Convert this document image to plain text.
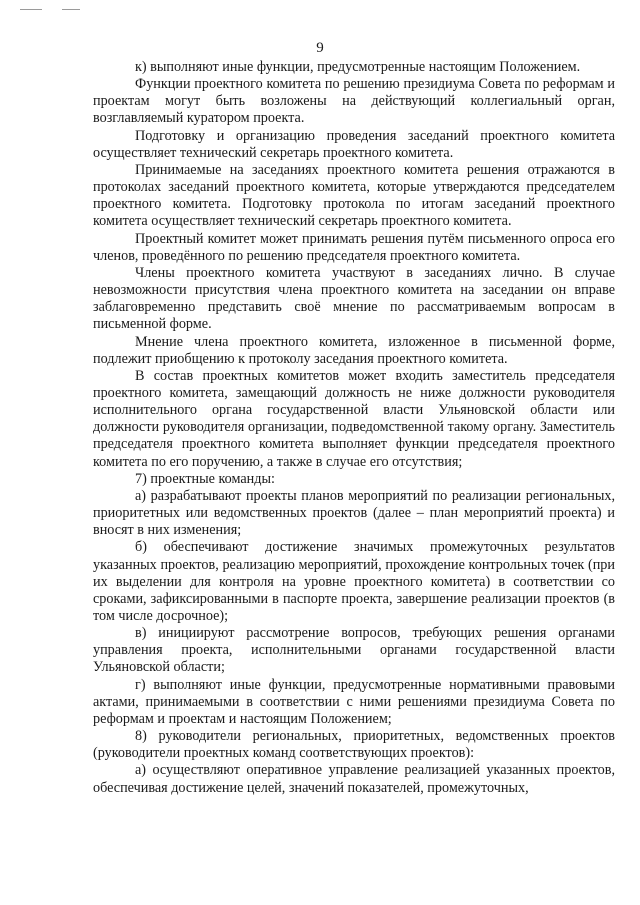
9

к) выполняют иные функции, предусмотренные настоящим Положением.

Функции проектного комитета по решению президиума Совета по реформам и проектам могут быть возложены на действующий коллегиальный орган, возглавляемый куратором проекта.

Подготовку и организацию проведения заседаний проектного комитета осуществляет технический секретарь проектного комитета.

Принимаемые на заседаниях проектного комитета решения отражаются в протоколах заседаний проектного комитета, которые утверждаются председателем проектного комитета. Подготовку протокола по итогам заседаний проектного комитета осуществляет технический секретарь проектного комитета.

Проектный комитет может принимать решения путём письменного опроса его членов, проведённого по решению председателя проектного комитета.

Члены проектного комитета участвуют в заседаниях лично. В случае невозможности присутствия члена проектного комитета на заседании он вправе заблаговременно представить своё мнение по рассматриваемым вопросам в письменной форме.

Мнение члена проектного комитета, изложенное в письменной форме, подлежит приобщению к протоколу заседания проектного комитета.

В состав проектных комитетов может входить заместитель председателя проектного комитета, замещающий должность не ниже должности руководителя исполнительного органа государственной власти Ульяновской области или должности руководителя организации, подведомственной такому органу. Заместитель председателя проектного комитета выполняет функции председателя проектного комитета по его поручению, а также в случае его отсутствия;

7) проектные команды:

а) разрабатывают проекты планов мероприятий по реализации региональных, приоритетных или ведомственных проектов (далее – план мероприятий проекта) и вносят в них изменения;

б) обеспечивают достижение значимых промежуточных результатов указанных проектов, реализацию мероприятий, прохождение контрольных точек (при их выделении для контроля на уровне проектного комитета) в соответствии со сроками, зафиксированными в паспорте проекта, завершение реализации проектов (в том числе досрочное);

в) инициируют рассмотрение вопросов, требующих решения органами управления проекта, исполнительными органами государственной власти Ульяновской области;

г) выполняют иные функции, предусмотренные нормативными правовыми актами, принимаемыми в соответствии с ними решениями президиума Совета по реформам и проектам и настоящим Положением;

8) руководители региональных, приоритетных, ведомственных проектов (руководители проектных команд соответствующих проектов):

а) осуществляют оперативное управление реализацией указанных проектов, обеспечивая достижение целей, значений показателей, промежуточных,
